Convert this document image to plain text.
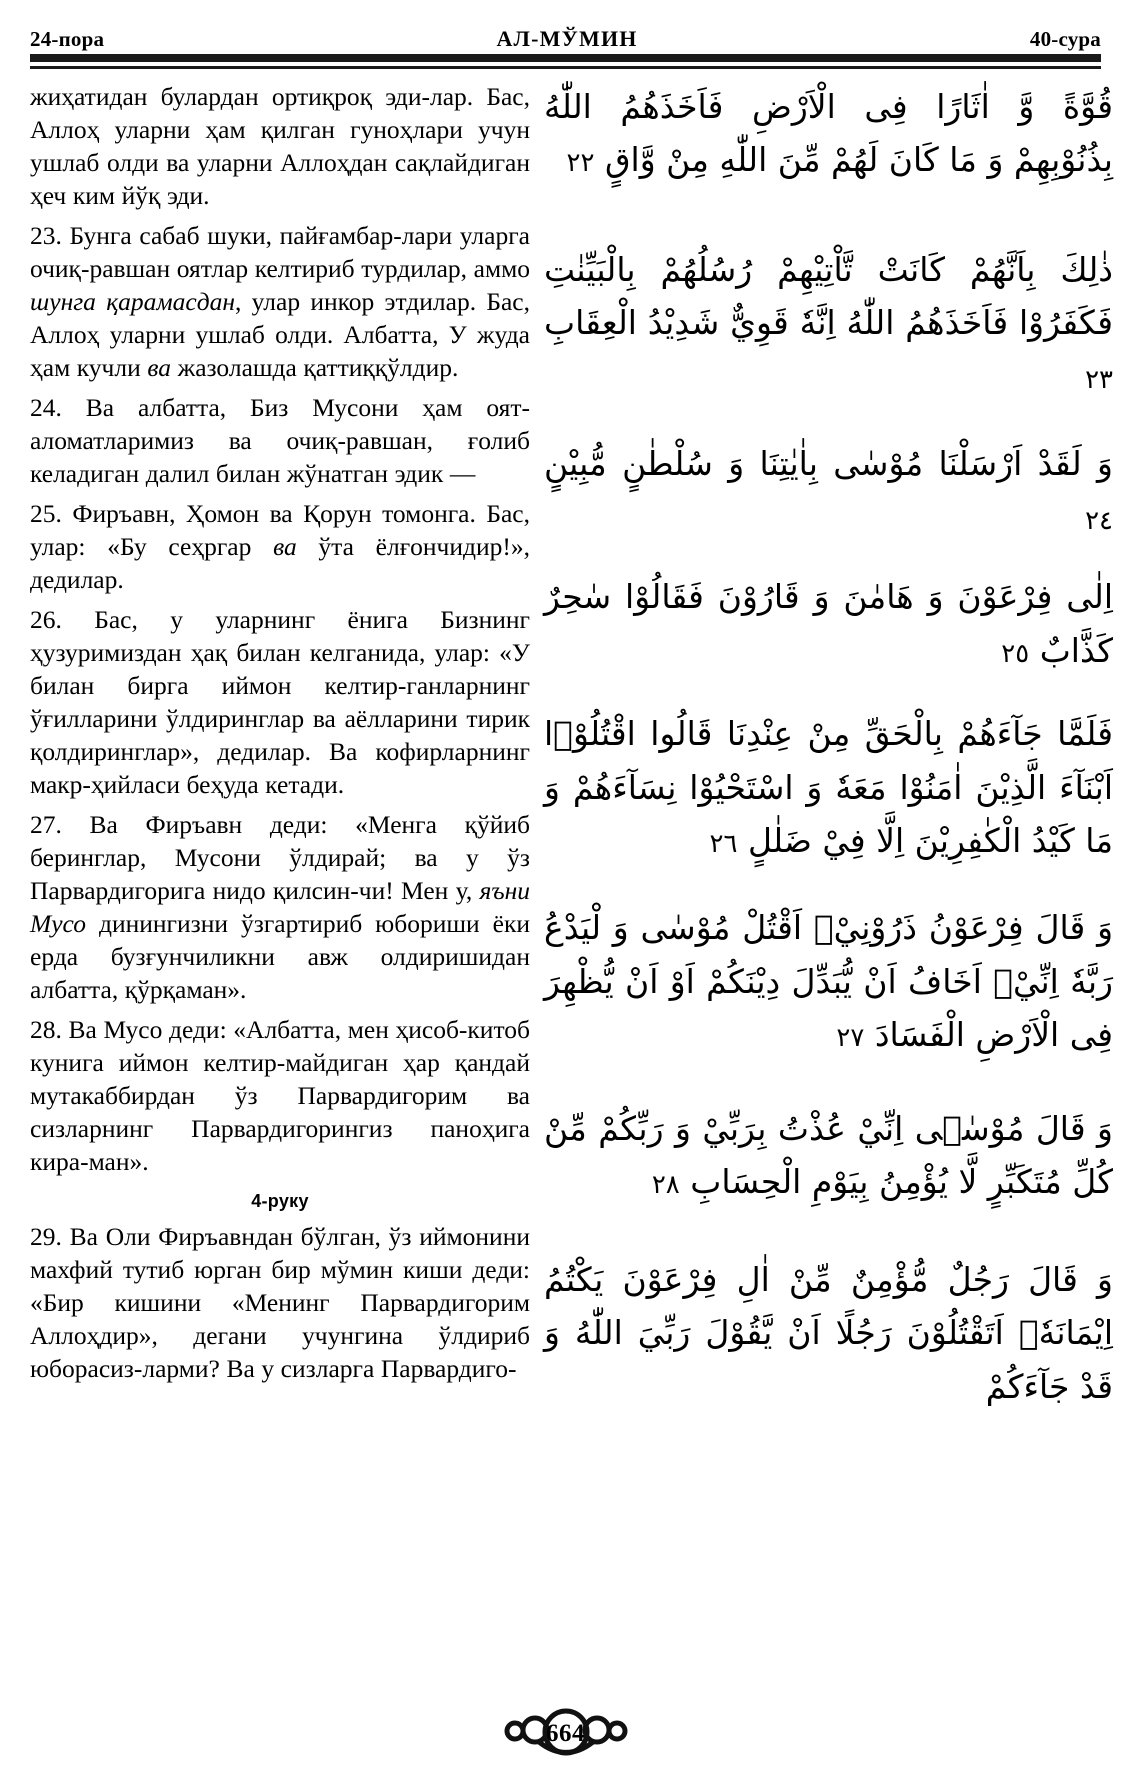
24-пора	АЛ-МЎМИН	40-сура

жиҳатидан булардан ортиқроқ эди-лар. Бас, Аллоҳ уларни ҳам қилган гуноҳлари учун ушлаб олди ва уларни Аллоҳдан сақлайдиган ҳеч ким йўқ эди.

23. Бунга сабаб шуки, пайғамбар-лари уларга очиқ-равшан оятлар келтириб турдилар, аммо шунга қарамасдан, улар инкор этдилар. Бас, Аллоҳ уларни ушлаб олди. Албатта, У жуда ҳам кучли ва жазолашда қаттиққўлдир.

24. Ва албатта, Биз Мусони ҳам оят-аломатларимиз ва очиқ-равшан, ғолиб келадиган далил билан жўнатган эдик —

25. Фиръавн, Ҳомон ва Қорун томонга. Бас, улар: «Бу сеҳргар ва ўта ёлғончидир!», дедилар.

26. Бас, у уларнинг ёнига Бизнинг ҳузуримиздан ҳақ билан келганида, улар: «У билан бирга иймон келтир-ганларнинг ўғилларини ўлдиринглар ва аёлларини тирик қолдиринглар», дедилар. Ва кофирларнинг макр-ҳийласи беҳуда кетади.

27. Ва Фиръавн деди: «Менга қўйиб беринглар, Мусони ўлдирай; ва у ўз Парвардигорига нидо қилсин-чи! Мен у, яъни Мусо динингизни ўзгартириб юбориши ёки ерда бузғунчиликни авж олдиришидан албатта, қўрқаман».

28. Ва Мусо деди: «Албатта, мен ҳисоб-китоб кунига иймон келтир-майдиган ҳар қандай мутакаббирдан ўз Парвардигорим ва сизларнинг Парвардигорингиз паноҳига кира-ман».

4-руку

29. Ва Оли Фиръавндан бўлган, ўз иймонини махфий тутиб юрган бир мўмин киши деди: «Бир кишини «Менинг Парвардигорим Аллоҳдир», дегани учунгина ўлдириб юборасиз-ларми? Ва у сизларга Парвардиго-

قُوَّةً وَّ اٰثَارًا فِى الْاَرْضِ فَاَخَذَهُمُ اللّٰهُ بِذُنُوْبِهِمْ وَ مَا كَانَ لَهُمْ مِّنَ اللّٰهِ مِنْ وَّاقٍ ٢٢
ذٰلِكَ بِاَنَّهُمْ كَانَتْ تَّاْتِيْهِمْ رُسُلُهُمْ بِالْبَيِّنٰتِ فَكَفَرُوْا فَاَخَذَهُمُ اللّٰهُ اِنَّهٗ قَوِيٌّ شَدِيْدُ الْعِقَابِ ٢٣
وَ لَقَدْ اَرْسَلْنَا مُوْسٰى بِاٰيٰتِنَا وَ سُلْطٰنٍ مُّبِيْنٍ ٢٤
اِلٰى فِرْعَوْنَ وَ هَامٰنَ وَ قَارُوْنَ فَقَالُوْا سٰحِرٌ كَذَّابٌ ٢٥
فَلَمَّا جَآءَهُمْ بِالْحَقِّ مِنْ عِنْدِنَا قَالُوا اقْتُلُوْۤا اَبْنَآءَ الَّذِيْنَ اٰمَنُوْا مَعَهٗ وَ اسْتَحْيُوْا نِسَآءَهُمْ وَ مَا كَيْدُ الْكٰفِرِيْنَ اِلَّا فِيْ ضَلٰلٍ ٢٦
وَ قَالَ فِرْعَوْنُ ذَرُوْنِيْۤ اَقْتُلْ مُوْسٰى وَ لْيَدْعُ رَبَّهٗ اِنِّيْۤ اَخَافُ اَنْ يُّبَدِّلَ دِيْنَكُمْ اَوْ اَنْ يُّظْهِرَ فِى الْاَرْضِ الْفَسَادَ ٢٧
وَ قَالَ مُوْسٰۤى اِنِّيْ عُذْتُ بِرَبِّيْ وَ رَبِّكُمْ مِّنْ كُلِّ مُتَكَبِّرٍ لَّا يُؤْمِنُ بِيَوْمِ الْحِسَابِ ٢٨
وَ قَالَ رَجُلٌ مُّؤْمِنٌ مِّنْ اٰلِ فِرْعَوْنَ يَكْتُمُ اِيْمَانَهٗۤ اَتَقْتُلُوْنَ رَجُلًا اَنْ يَّقُوْلَ رَبِّيَ اللّٰهُ وَ قَدْ جَآءَكُمْ
664
